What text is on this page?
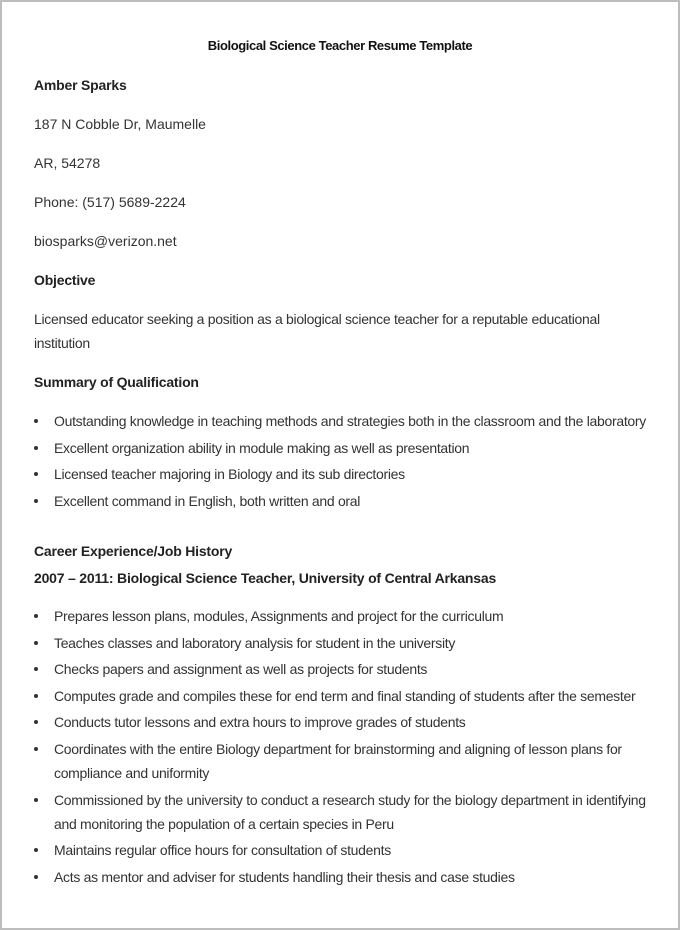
Biological Science Teacher Resume Template
Amber Sparks
187 N Cobble Dr, Maumelle
AR, 54278
Phone: (517) 5689-2224
biosparks@verizon.net
Objective
Licensed educator seeking a position as a biological science teacher for a reputable educational institution
Summary of Qualification
Outstanding knowledge in teaching methods and strategies both in the classroom and the laboratory
Excellent organization ability in module making as well as presentation
Licensed teacher majoring in Biology and its sub directories
Excellent command in English, both written and oral
Career Experience/Job History
2007 – 2011: Biological Science Teacher, University of Central Arkansas
Prepares lesson plans, modules, Assignments and project for the curriculum
Teaches classes and laboratory analysis for student in the university
Checks papers and assignment as well as projects for students
Computes grade and compiles these for end term and final standing of students after the semester
Conducts tutor lessons and extra hours to improve grades of students
Coordinates with the entire Biology department for brainstorming and aligning of lesson plans for compliance and uniformity
Commissioned by the university to conduct a research study for the biology department in identifying and monitoring the population of a certain species in Peru
Maintains regular office hours for consultation of students
Acts as mentor and adviser for students handling their thesis and case studies
